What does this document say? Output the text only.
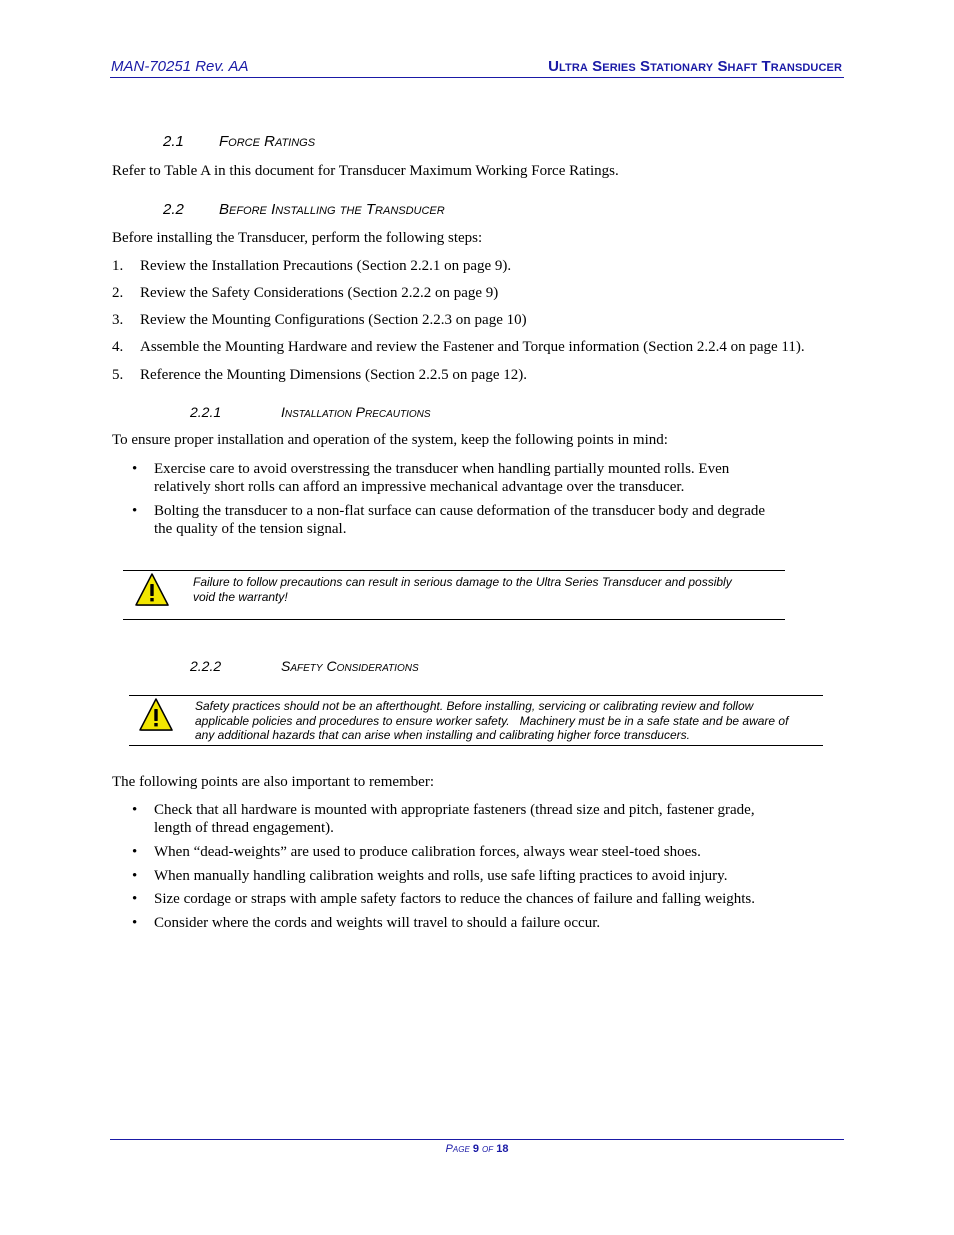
MAN-70251 Rev. AA	Ultra Series Stationary Shaft Transducer
2.1 Force Ratings
Refer to Table A in this document for Transducer Maximum Working Force Ratings.
2.2 Before Installing the Transducer
Before installing the Transducer, perform the following steps:
1. Review the Installation Precautions (Section 2.2.1 on page 9).
2. Review the Safety Considerations (Section 2.2.2 on page 9)
3. Review the Mounting Configurations (Section 2.2.3 on page 10)
4. Assemble the Mounting Hardware and review the Fastener and Torque information (Section 2.2.4 on page 11).
5. Reference the Mounting Dimensions (Section 2.2.5 on page 12).
2.2.1	Installation Precautions
To ensure proper installation and operation of the system, keep the following points in mind:
• Exercise care to avoid overstressing the transducer when handling partially mounted rolls. Even
relatively short rolls can afford an impressive mechanical advantage over the transducer.
• Bolting the transducer to a non-flat surface can cause deformation of the transducer body and degrade
the quality of the tension signal.
Failure to follow precautions can result in serious damage to the Ultra Series Transducer and possibly
void the warranty!
2.2.2	Safety Considerations
Safety practices should not be an afterthought. Before installing, servicing or calibrating review and follow
applicable policies and procedures to ensure worker safety.   Machinery must be in a safe state and be aware of
any additional hazards that can arise when installing and calibrating higher force transducers.
The following points are also important to remember:
• Check that all hardware is mounted with appropriate fasteners (thread size and pitch, fastener grade,
length of thread engagement).
• When “dead-weights” are used to produce calibration forces, always wear steel-toed shoes.
• When manually handling calibration weights and rolls, use safe lifting practices to avoid injury.
• Size cordage or straps with ample safety factors to reduce the chances of failure and falling weights.
• Consider where the cords and weights will travel to should a failure occur.
Page 9 of 18
